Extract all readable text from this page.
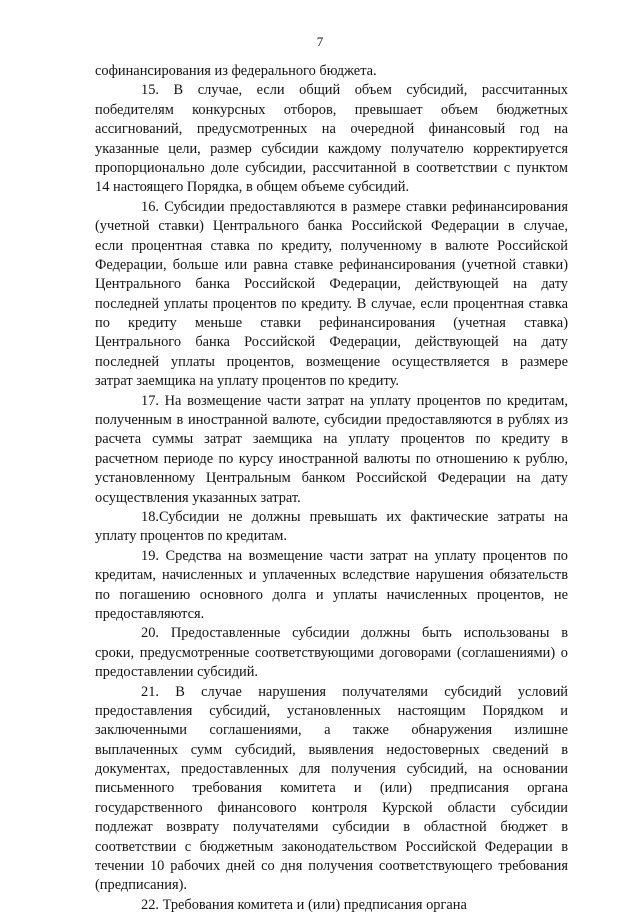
7
софинансирования из федерального бюджета.
15. В случае, если общий объем субсидий, рассчитанных
победителям конкурсных отборов, превышает объем бюджетных
ассигнований, предусмотренных на очередной финансовый год на
указанные цели, размер субсидии каждому получателю корректируется
пропорционально доле субсидии, рассчитанной в соответствии с пунктом
14 настоящего Порядка, в общем объеме субсидий.
16. Субсидии предоставляются в размере ставки рефинансирования
(учетной ставки) Центрального банка Российской Федерации в случае,
если процентная ставка по кредиту, полученному в валюте Российской
Федерации, больше или равна ставке рефинансирования (учетной ставки)
Центрального банка Российской Федерации, действующей на дату
последней уплаты процентов по кредиту. В случае, если процентная ставка
по кредиту меньше ставки рефинансирования (учетная ставка)
Центрального банка Российской Федерации, действующей на дату
последней уплаты процентов, возмещение осуществляется в размере
затрат заемщика на уплату процентов по кредиту.
17. На возмещение части затрат на уплату процентов по кредитам,
полученным в иностранной валюте, субсидии предоставляются в рублях из
расчета суммы затрат заемщика на уплату процентов по кредиту в
расчетном периоде по курсу иностранной валюты по отношению к рублю,
установленному Центральным банком Российской Федерации на дату
осуществления указанных затрат.
18.Субсидии не должны превышать их фактические затраты на
уплату процентов по кредитам.
19. Средства на возмещение части затрат на уплату процентов по
кредитам, начисленных и уплаченных вследствие нарушения обязательств
по погашению основного долга и уплаты начисленных процентов, не
предоставляются.
20. Предоставленные субсидии должны быть использованы в
сроки, предусмотренные соответствующими договорами (соглашениями) о
предоставлении субсидий.
21. В случае нарушения получателями субсидий условий
предоставления субсидий, установленных настоящим Порядком и
заключенными соглашениями, а также обнаружения излишне
выплаченных сумм субсидий, выявления недостоверных сведений в
документах, предоставленных для получения субсидий, на основании
письменного требования комитета и (или) предписания органа
государственного финансового контроля Курской области субсидии
подлежат возврату получателями субсидии в областной бюджет в
соответствии с бюджетным законодательством Российской Федерации в
течении 10 рабочих дней со дня получения соответствующего требования
(предписания).
22. Требования комитета и (или) предписания органа
